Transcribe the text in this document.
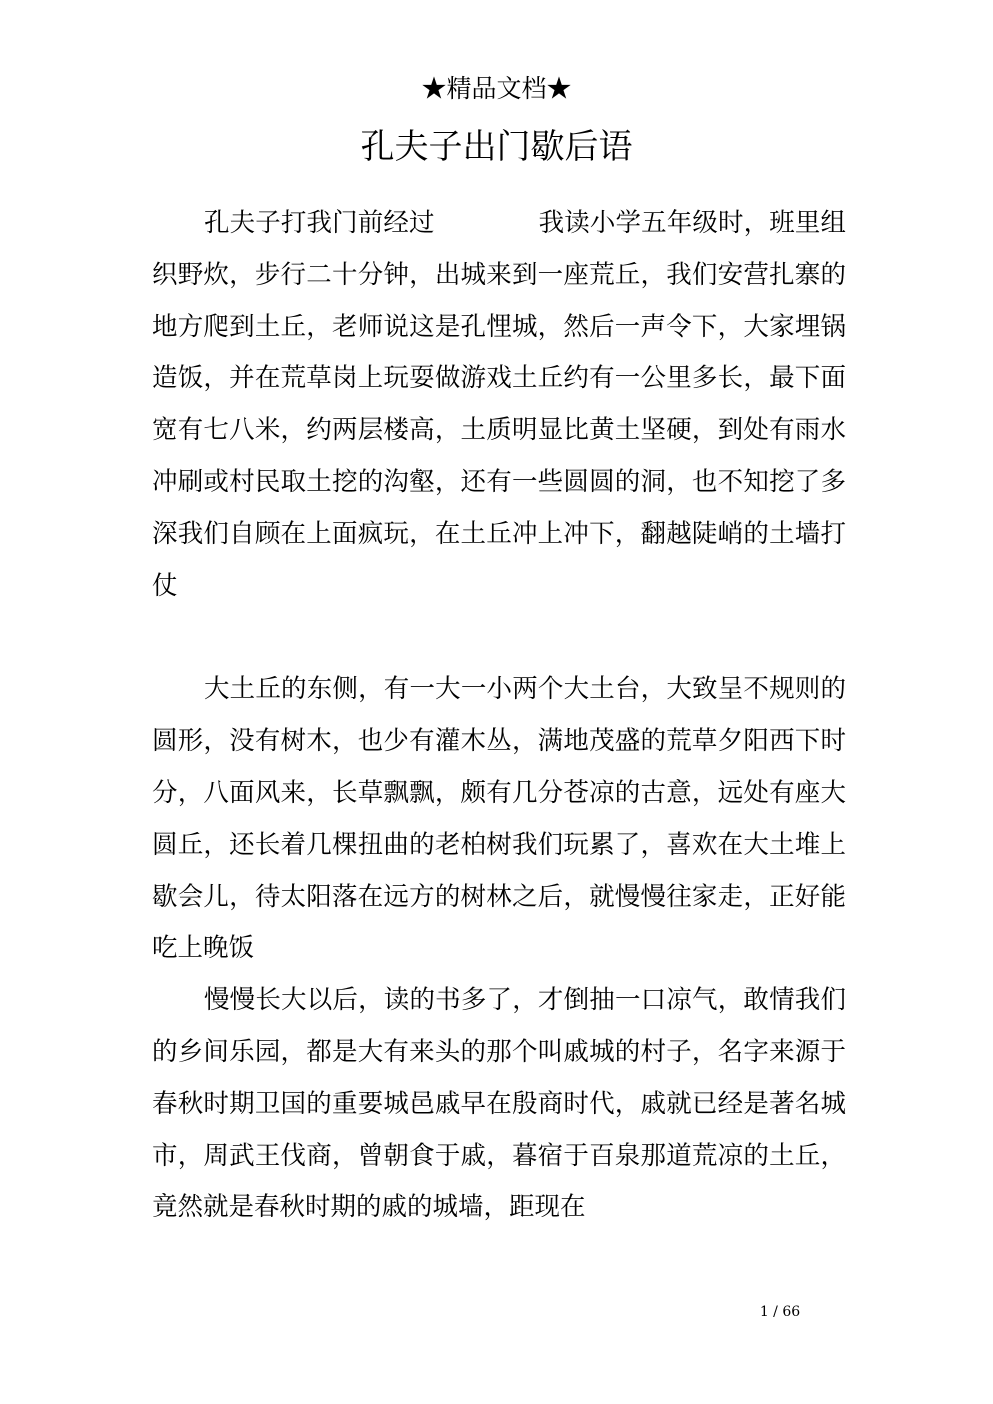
★精品文档★
孔夫子出门歇后语

孔夫子打我门前经过	我读小学五年级时，班里组织野炊，步行二十分钟，出城来到一座荒丘，我们安营扎寨的地方爬到土丘，老师说这是孔悝城，然后一声令下，大家埋锅造饭，并在荒草岗上玩耍做游戏土丘约有一公里多长，最下面宽有七八米，约两层楼高，土质明显比黄土坚硬，到处有雨水冲刷或村民取土挖的沟壑，还有一些圆圆的洞，也不知挖了多深我们自顾在上面疯玩，在土丘冲上冲下，翻越陡峭的土墙打仗

大土丘的东侧，有一大一小两个大土台，大致呈不规则的圆形，没有树木，也少有灌木丛，满地茂盛的荒草夕阳西下时分，八面风来，长草飘飘，颇有几分苍凉的古意，远处有座大圆丘，还长着几棵扭曲的老柏树我们玩累了，喜欢在大土堆上歇会儿，待太阳落在远方的树林之后，就慢慢往家走，正好能吃上晚饭

慢慢长大以后，读的书多了，才倒抽一口凉气，敢情我们的乡间乐园，都是大有来头的那个叫戚城的村子，名字来源于春秋时期卫国的重要城邑戚早在殷商时代，戚就已经是著名城市，周武王伐商，曾朝食于戚，暮宿于百泉那道荒凉的土丘，竟然就是春秋时期的戚的城墙，距现在

1 / 66
